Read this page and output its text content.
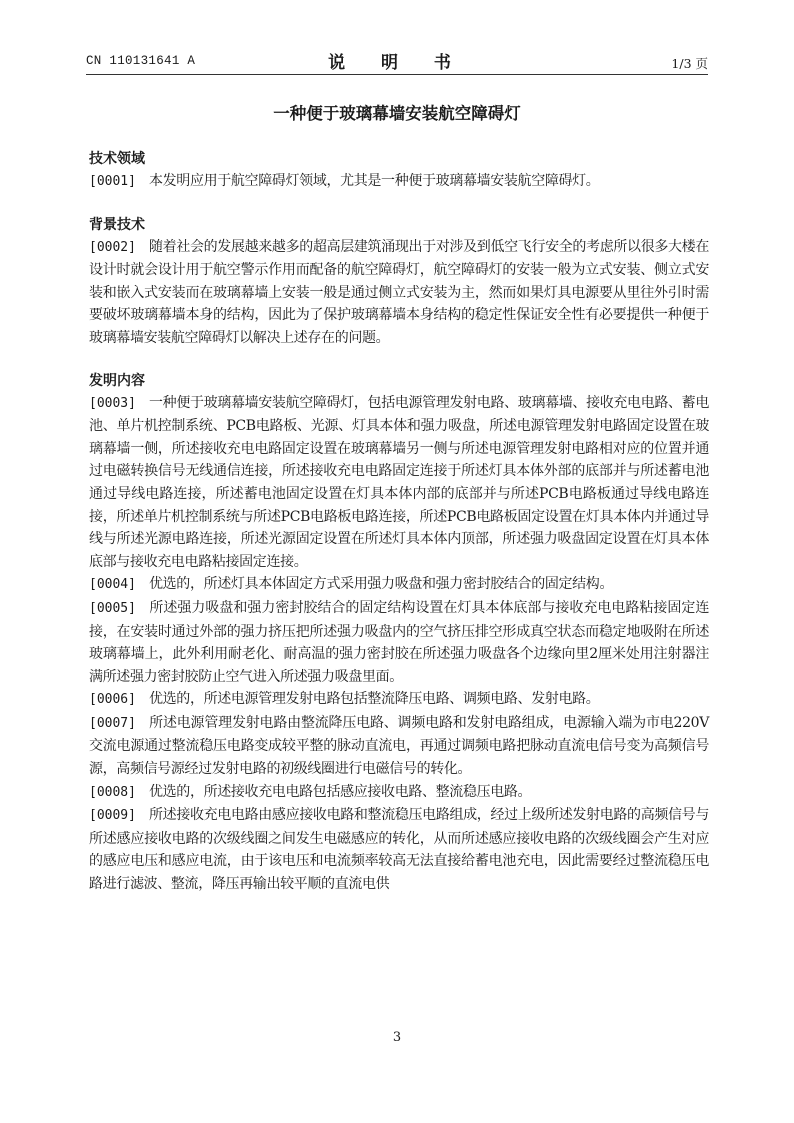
CN 110131641 A	说 明 书	1/3 页
一种便于玻璃幕墙安装航空障碍灯
技术领域

[0001] 本发明应用于航空障碍灯领域，尤其是一种便于玻璃幕墙安装航空障碍灯。

背景技术

[0002] 随着社会的发展越来越多的超高层建筑涌现出于对涉及到低空飞行安全的考虑所以很多大楼在设计时就会设计用于航空警示作用而配备的航空障碍灯，航空障碍灯的安装一般为立式安装、侧立式安装和嵌入式安装而在玻璃幕墙上安装一般是通过侧立式安装为主，然而如果灯具电源要从里往外引时需要破坏玻璃幕墙本身的结构，因此为了保护玻璃幕墙本身结构的稳定性保证安全性有必要提供一种便于玻璃幕墙安装航空障碍灯以解决上述存在的问题。

发明内容

[0003] 一种便于玻璃幕墙安装航空障碍灯，包括电源管理发射电路、玻璃幕墙、接收充电电路、蓄电池、单片机控制系统、PCB电路板、光源、灯具本体和强力吸盘，所述电源管理发射电路固定设置在玻璃幕墙一侧，所述接收充电电路固定设置在玻璃幕墙另一侧与所述电源管理发射电路相对应的位置并通过电磁转换信号无线通信连接，所述接收充电电路固定连接于所述灯具本体外部的底部并与所述蓄电池通过导线电路连接，所述蓄电池固定设置在灯具本体内部的底部并与所述PCB电路板通过导线电路连接，所述单片机控制系统与所述PCB电路板电路连接，所述PCB电路板固定设置在灯具本体内并通过导线与所述光源电路连接，所述光源固定设置在所述灯具本体内顶部，所述强力吸盘固定设置在灯具本体底部与接收充电电路粘接固定连接。

[0004] 优选的，所述灯具本体固定方式采用强力吸盘和强力密封胶结合的固定结构。

[0005] 所述强力吸盘和强力密封胶结合的固定结构设置在灯具本体底部与接收充电电路粘接固定连接，在安装时通过外部的强力挤压把所述强力吸盘内的空气挤压排空形成真空状态而稳定地吸附在所述玻璃幕墙上，此外利用耐老化、耐高温的强力密封胶在所述强力吸盘各个边缘向里2厘米处用注射器注满所述强力密封胶防止空气进入所述强力吸盘里面。

[0006] 优选的，所述电源管理发射电路包括整流降压电路、调频电路、发射电路。

[0007] 所述电源管理发射电路由整流降压电路、调频电路和发射电路组成，电源输入端为市电220V交流电源通过整流稳压电路变成较平整的脉动直流电，再通过调频电路把脉动直流电信号变为高频信号源，高频信号源经过发射电路的初级线圈进行电磁信号的转化。

[0008] 优选的，所述接收充电电路包括感应接收电路、整流稳压电路。

[0009] 所述接收充电电路由感应接收电路和整流稳压电路组成，经过上级所述发射电路的高频信号与所述感应接收电路的次级线圈之间发生电磁感应的转化，从而所述感应接收电路的次级线圈会产生对应的感应电压和感应电流，由于该电压和电流频率较高无法直接给蓄电池充电，因此需要经过整流稳压电路进行滤波、整流，降压再输出较平顺的直流电供

3
